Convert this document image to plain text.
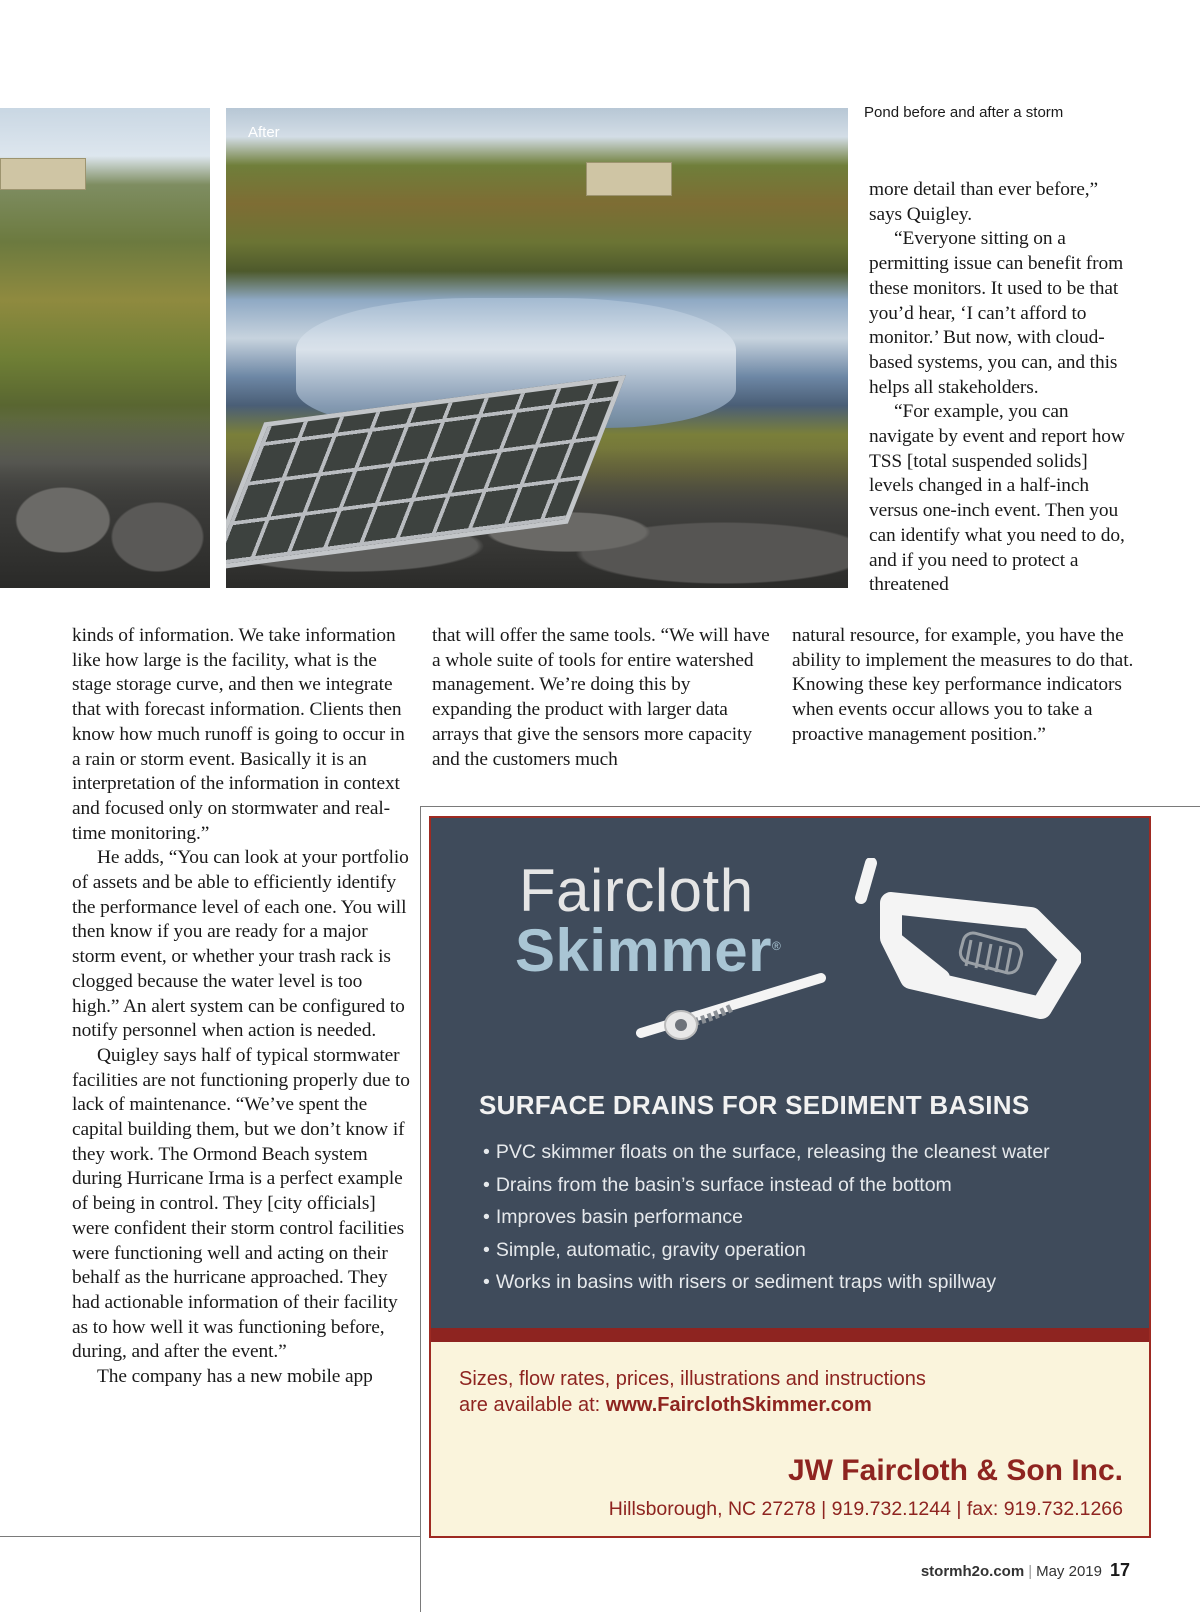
After
Pond before and after a storm

more detail than ever before,” says Quigley.

“Everyone sitting on a permitting issue can benefit from these monitors. It used to be that you’d hear, ‘I can’t afford to monitor.’ But now, with cloud-based systems, you can, and this helps all stakeholders.

“For example, you can navigate by event and report how TSS [total suspended solids] levels changed in a half-inch versus one-inch event. Then you can identify what you need to do, and if you need to protect a threatened

kinds of information. We take information like how large is the facility, what is the stage storage curve, and then we integrate that with forecast information. Clients then know how much runoff is going to occur in a rain or storm event. Basically it is an interpretation of the information in context and focused only on stormwater and real-time monitoring.”

He adds, “You can look at your portfolio of assets and be able to efficiently identify the performance level of each one. You will then know if you are ready for a major storm event, or whether your trash rack is clogged because the water level is too high.” An alert system can be configured to notify personnel when action is needed.

Quigley says half of typical stormwater facilities are not functioning properly due to lack of maintenance. “We’ve spent the capital building them, but we don’t know if they work. The Ormond Beach system during Hurricane Irma is a perfect example of being in control. They [city officials] were confident their storm control facilities were functioning well and acting on their behalf as the hurricane approached. They had actionable information of their facility as to how well it was functioning before, during, and after the event.”

The company has a new mobile app

that will offer the same tools. “We will have a whole suite of tools for entire watershed management. We’re doing this by expanding the product with larger data arrays that give the sensors more capacity and the customers much

natural resource, for example, you have the ability to implement the measures to do that. Knowing these key performance indicators when events occur allows you to take a proactive management position.”

Faircloth
Skimmer®
SURFACE DRAINS FOR SEDIMENT BASINS
• PVC skimmer floats on the surface, releasing the cleanest water
• Drains from the basin’s surface instead of the bottom
• Improves basin performance
• Simple, automatic, gravity operation
• Works in basins with risers or sediment traps with spillway
Sizes, flow rates, prices, illustrations and instructions
are available at: www.FairclothSkimmer.com
JW Faircloth & Son Inc.
Hillsborough, NC 27278 | 919.732.1244 | fax: 919.732.1266
stormh2o.com | May 2019 17
